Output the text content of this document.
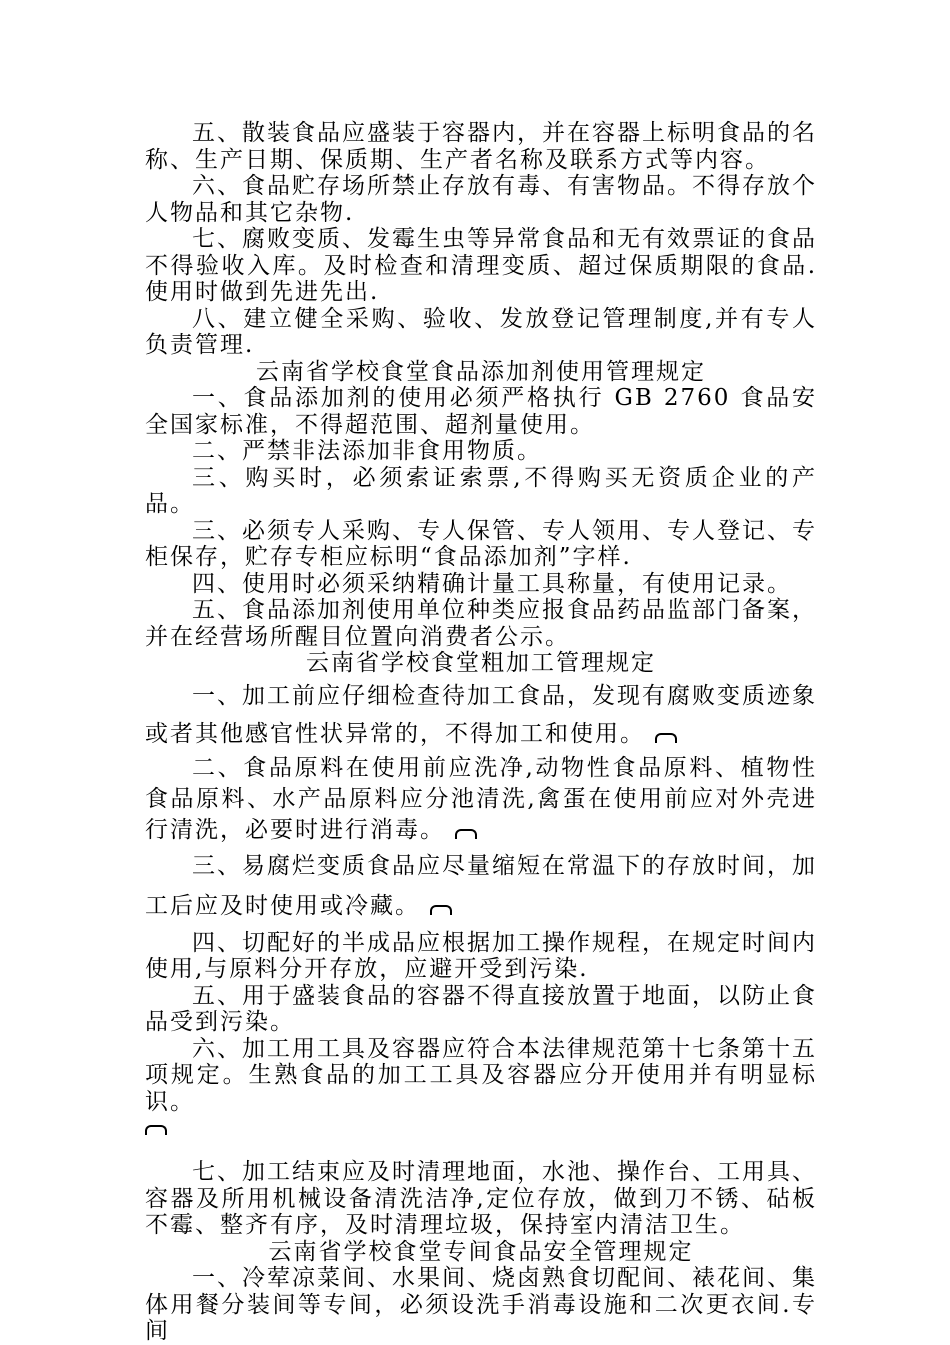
五、散装食品应盛装于容器内，并在容器上标明食品的名称、生产日期、保质期、生产者名称及联系方式等内容。

六、食品贮存场所禁止存放有毒、有害物品。不得存放个人物品和其它杂物.

七、腐败变质、发霉生虫等异常食品和无有效票证的食品不得验收入库。及时检查和清理变质、超过保质期限的食品.使用时做到先进先出.

八、建立健全采购、验收、发放登记管理制度,并有专人负责管理.

云南省学校食堂食品添加剂使用管理规定

一、食品添加剂的使用必须严格执行 GB 2760 食品安全国家标准，不得超范围、超剂量使用。

二、严禁非法添加非食用物质。

三、购买时，必须索证索票,不得购买无资质企业的产品。

三、必须专人采购、专人保管、专人领用、专人登记、专柜保存，贮存专柜应标明“食品添加剂”字样.

四、使用时必须采纳精确计量工具称量，有使用记录。

五、食品添加剂使用单位种类应报食品药品监部门备案，并在经营场所醒目位置向消费者公示。

云南省学校食堂粗加工管理规定

一、加工前应仔细检查待加工食品，发现有腐败变质迹象或者其他感官性状异常的，不得加工和使用。

二、食品原料在使用前应洗净,动物性食品原料、植物性食品原料、水产品原料应分池清洗,禽蛋在使用前应对外壳进行清洗，必要时进行消毒。

三、易腐烂变质食品应尽量缩短在常温下的存放时间，加工后应及时使用或冷藏。

四、切配好的半成品应根据加工操作规程，在规定时间内使用,与原料分开存放，应避开受到污染.

五、用于盛装食品的容器不得直接放置于地面，以防止食品受到污染。

六、加工用工具及容器应符合本法律规范第十七条第十五项规定。生熟食品的加工工具及容器应分开使用并有明显标识。

七、加工结束应及时清理地面，水池、操作台、工用具、容器及所用机械设备清洗洁净,定位存放，做到刀不锈、砧板不霉、整齐有序，及时清理垃圾，保持室内清洁卫生。

云南省学校食堂专间食品安全管理规定

一、冷荤凉菜间、水果间、烧卤熟食切配间、裱花间、集体用餐分装间等专间，必须设洗手消毒设施和二次更衣间.专间
